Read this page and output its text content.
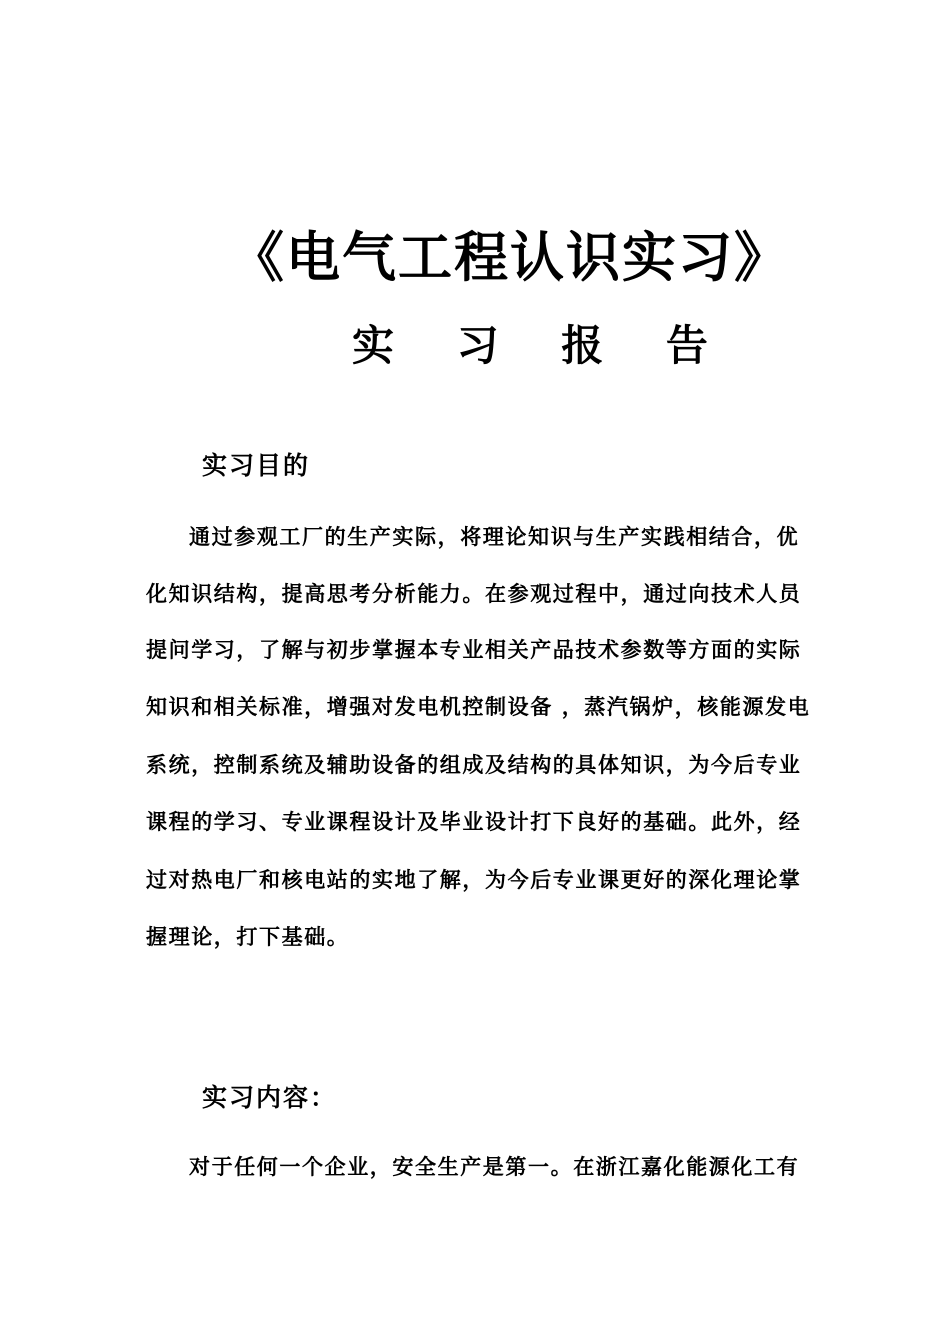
《电气工程认识实习》
实 习 报 告
实习目的
通过参观工厂的生产实际，将理论知识与生产实践相结合，优
化知识结构，提高思考分析能力。在参观过程中，通过向技术人员
提问学习，了解与初步掌握本专业相关产品技术参数等方面的实际
知识和相关标准，增强对发电机控制设备 ，蒸汽锅炉，核能源发电
系统，控制系统及辅助设备的组成及结构的具体知识，为今后专业
课程的学习、专业课程设计及毕业设计打下良好的基础。此外，经
过对热电厂和核电站的实地了解，为今后专业课更好的深化理论掌
握理论，打下基础。
实习内容：
对于任何一个企业，安全生产是第一。在浙江嘉化能源化工有
